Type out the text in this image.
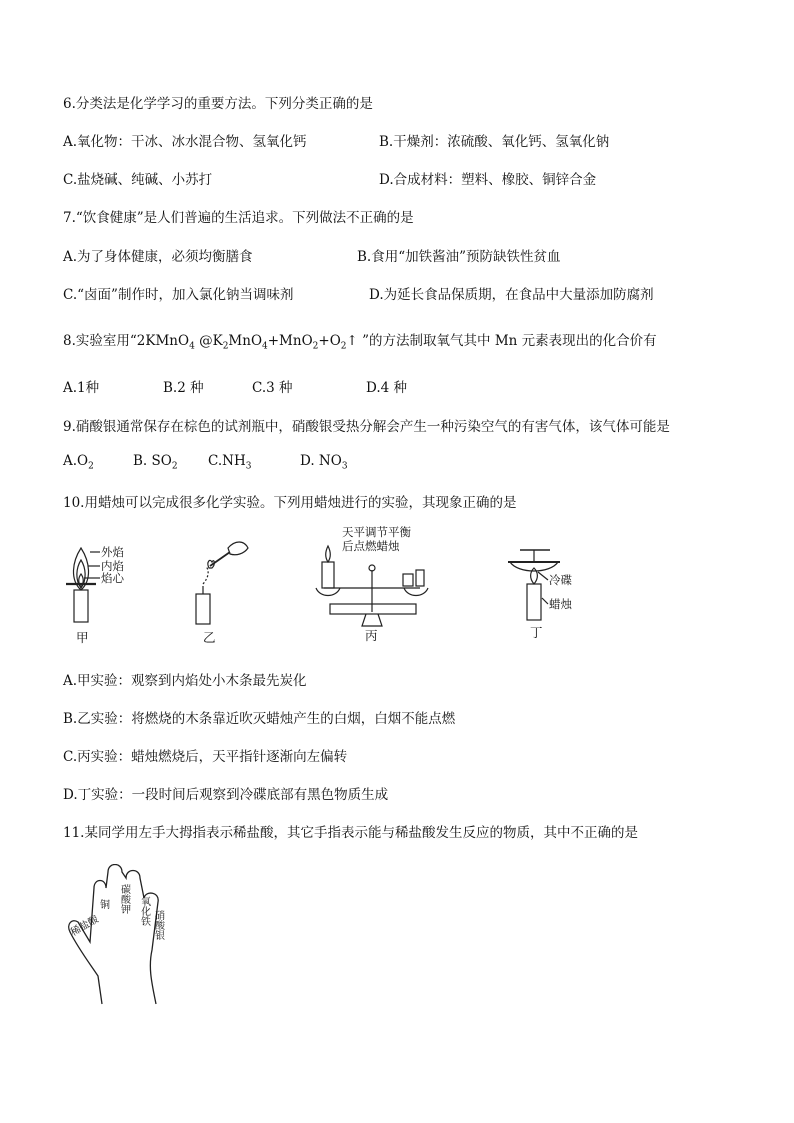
6.分类法是化学学习的重要方法。下列分类正确的是
A.氧化物：干冰、冰水混合物、氢氧化钙	B.干燥剂：浓硫酸、氧化钙、氢氧化钠
C.盐烧碱、纯碱、小苏打	D.合成材料：塑料、橡胶、铜锌合金
7.“饮食健康”是人们普遍的生活追求。下列做法不正确的是
A.为了身体健康，必须均衡膳食	B.食用“加铁酱油”预防缺铁性贫血
C.“卤面”制作时，加入氯化钠当调味剂	D.为延长食品保质期，在食品中大量添加防腐剂
8.实验室用“2KMnO$_4$ $@K_2MnO_4+MnO_2+O_2↑$ ”的方法制取氧气其中 Mn 元素表现出的化合价有
A.1种	B.2 种	C.3 种	D.4 种
9.硝酸银通常保存在棕色的试剂瓶中，硝酸银受热分解会产生一种污染空气的有害气体，该气体可能是
$A.O_2$	B. $SO_2$ $C.NH_3$	D. $NO_3$
10.用蜡烛可以完成很多化学实验。下列用蜡烛进行的实验，其现象正确的是
外焰
内焰
焰心
甲	乙	丙	丁
天平调节平衡
后点燃蜡烛
冷碟
蜡烛
A.甲实验：观察到内焰处小木条最先炭化
B.乙实验：将燃烧的木条靠近吹灭蜡烛产生的白烟，白烟不能点燃
C.丙实验：蜡烛燃烧后，天平指针逐渐向左偏转
D.丁实验：一段时间后观察到冷碟底部有黑色物质生成
11.某同学用左手大拇指表示稀盐酸，其它手指表示能与稀盐酸发生反应的物质，其中不正确的是
稀盐酸
铜 碳酸钾 氧化铁 硝酸银
